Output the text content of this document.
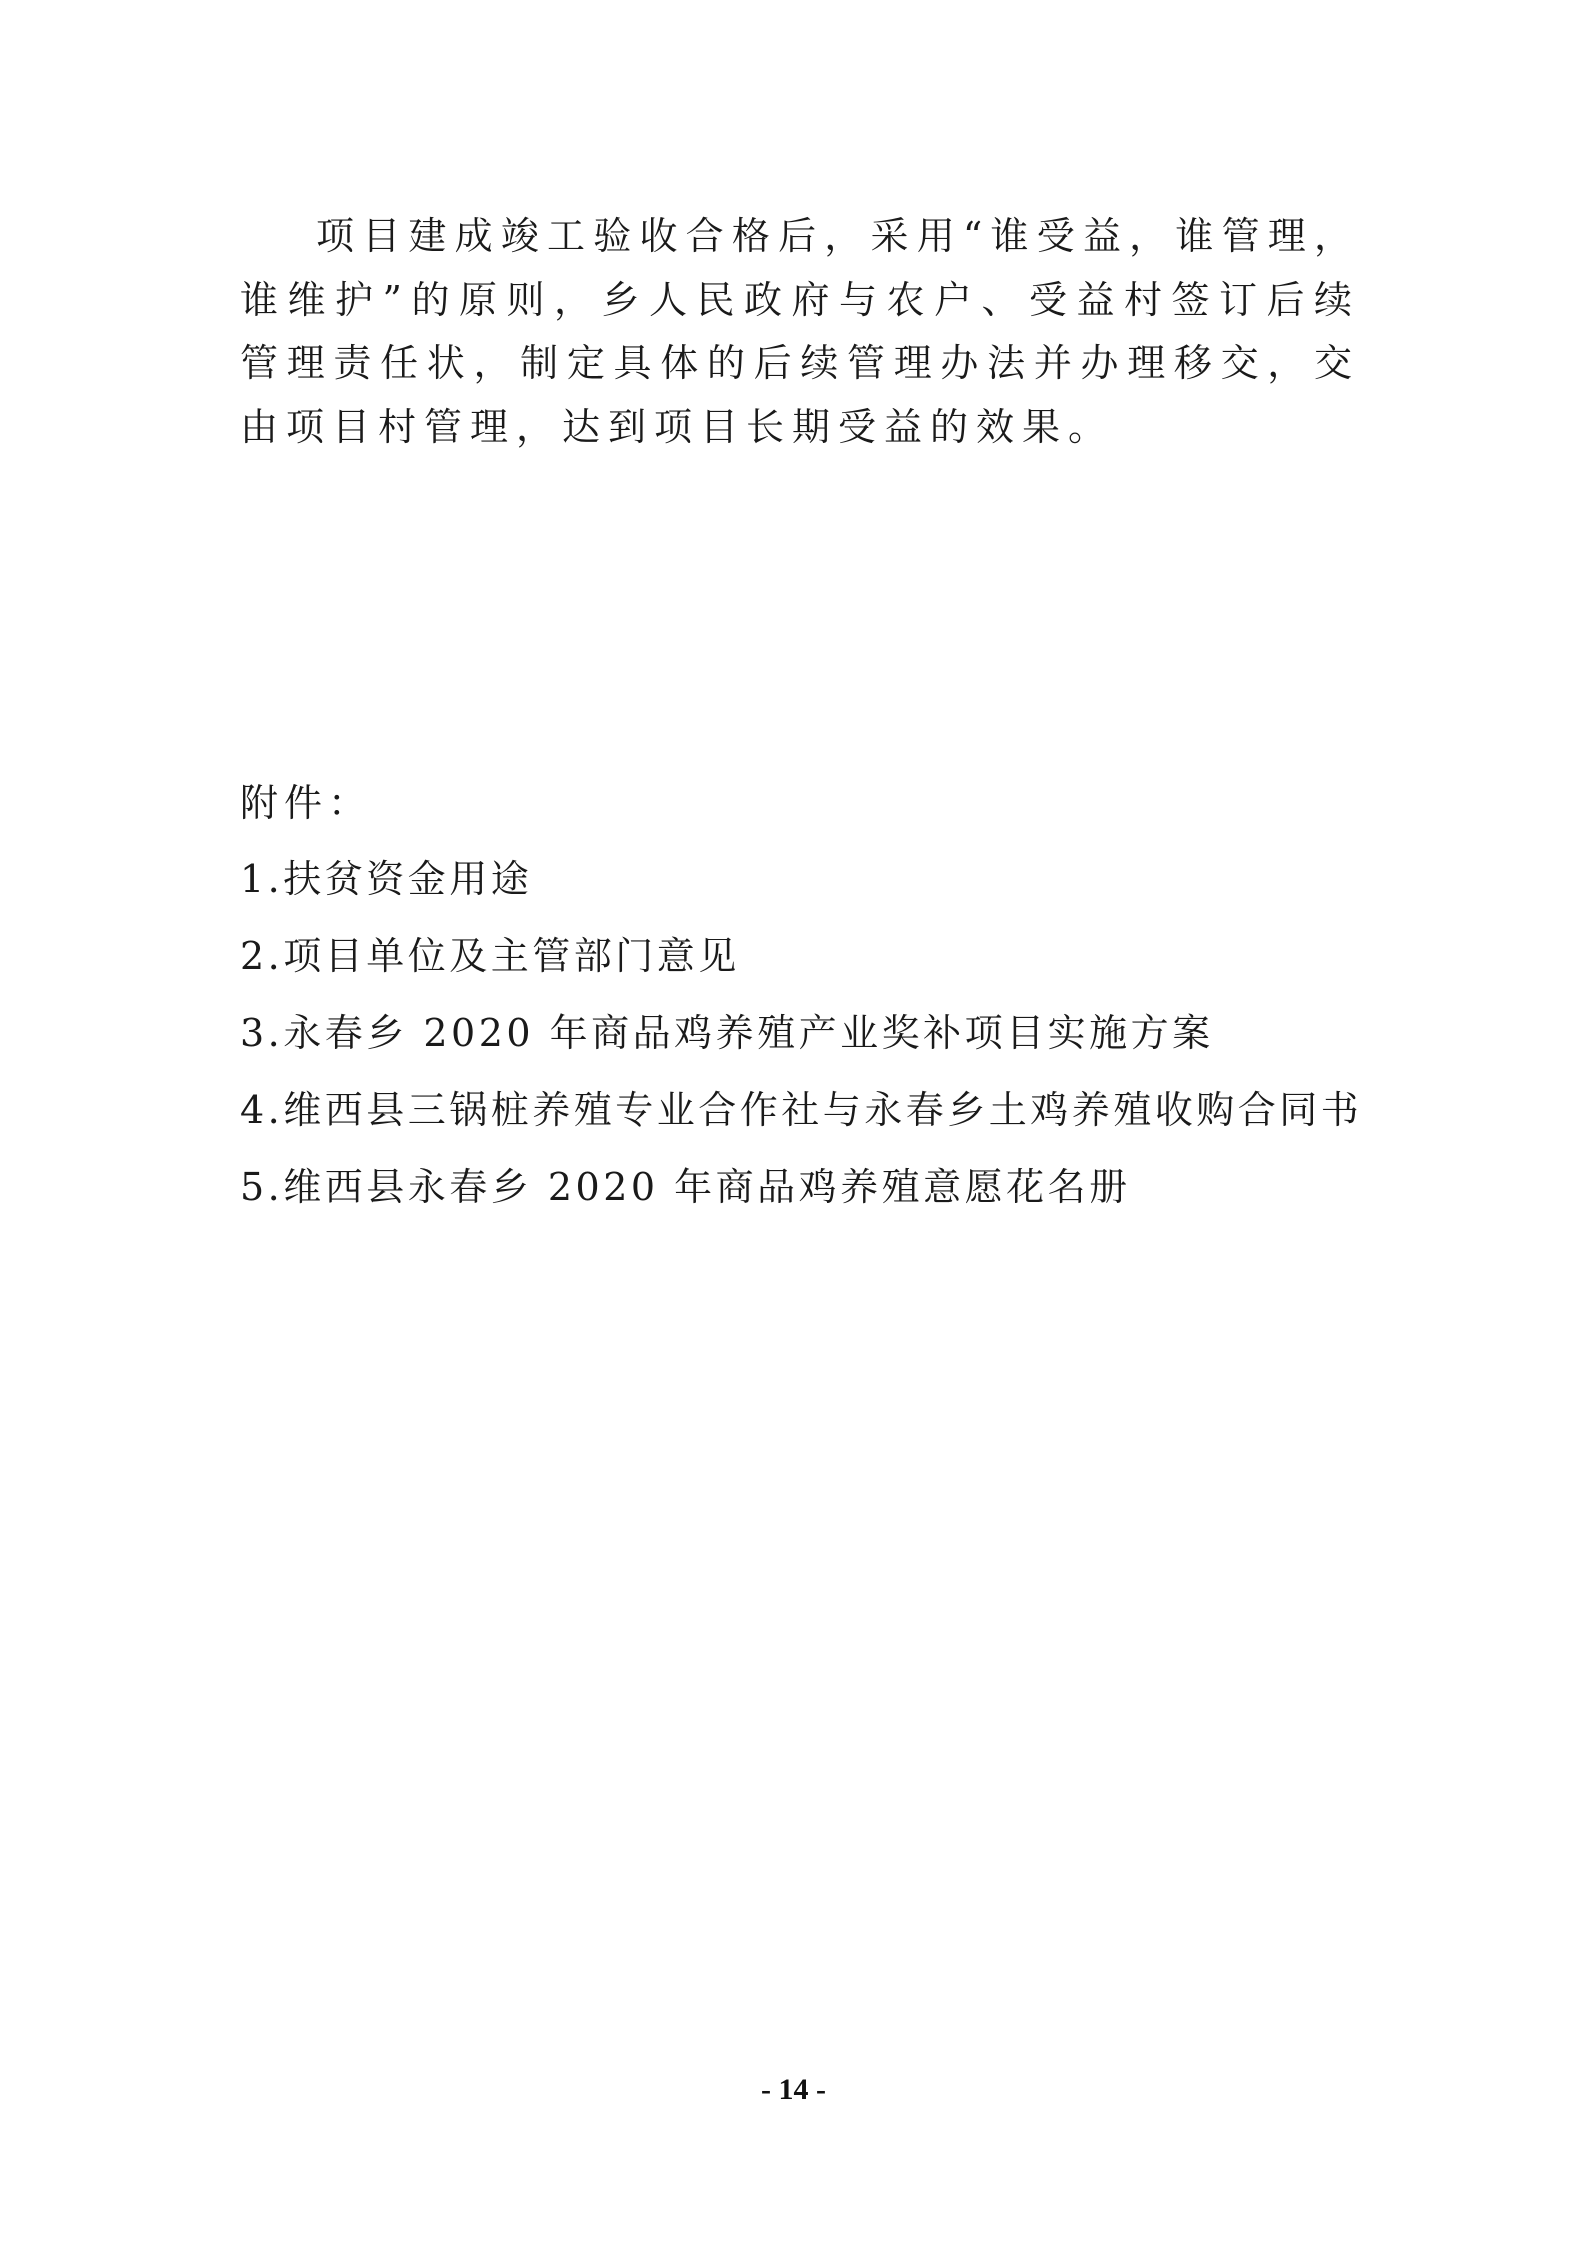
项目建成竣工验收合格后，采用“谁受益，谁管理，谁维护”的原则，乡人民政府与农户、受益村签订后续管理责任状，制定具体的后续管理办法并办理移交，交由项目村管理，达到项目长期受益的效果。

附件：

1.扶贫资金用途
2.项目单位及主管部门意见
3.永春乡 2020 年商品鸡养殖产业奖补项目实施方案
4.维西县三锅桩养殖专业合作社与永春乡土鸡养殖收购合同书
5.维西县永春乡 2020 年商品鸡养殖意愿花名册
- 14 -
